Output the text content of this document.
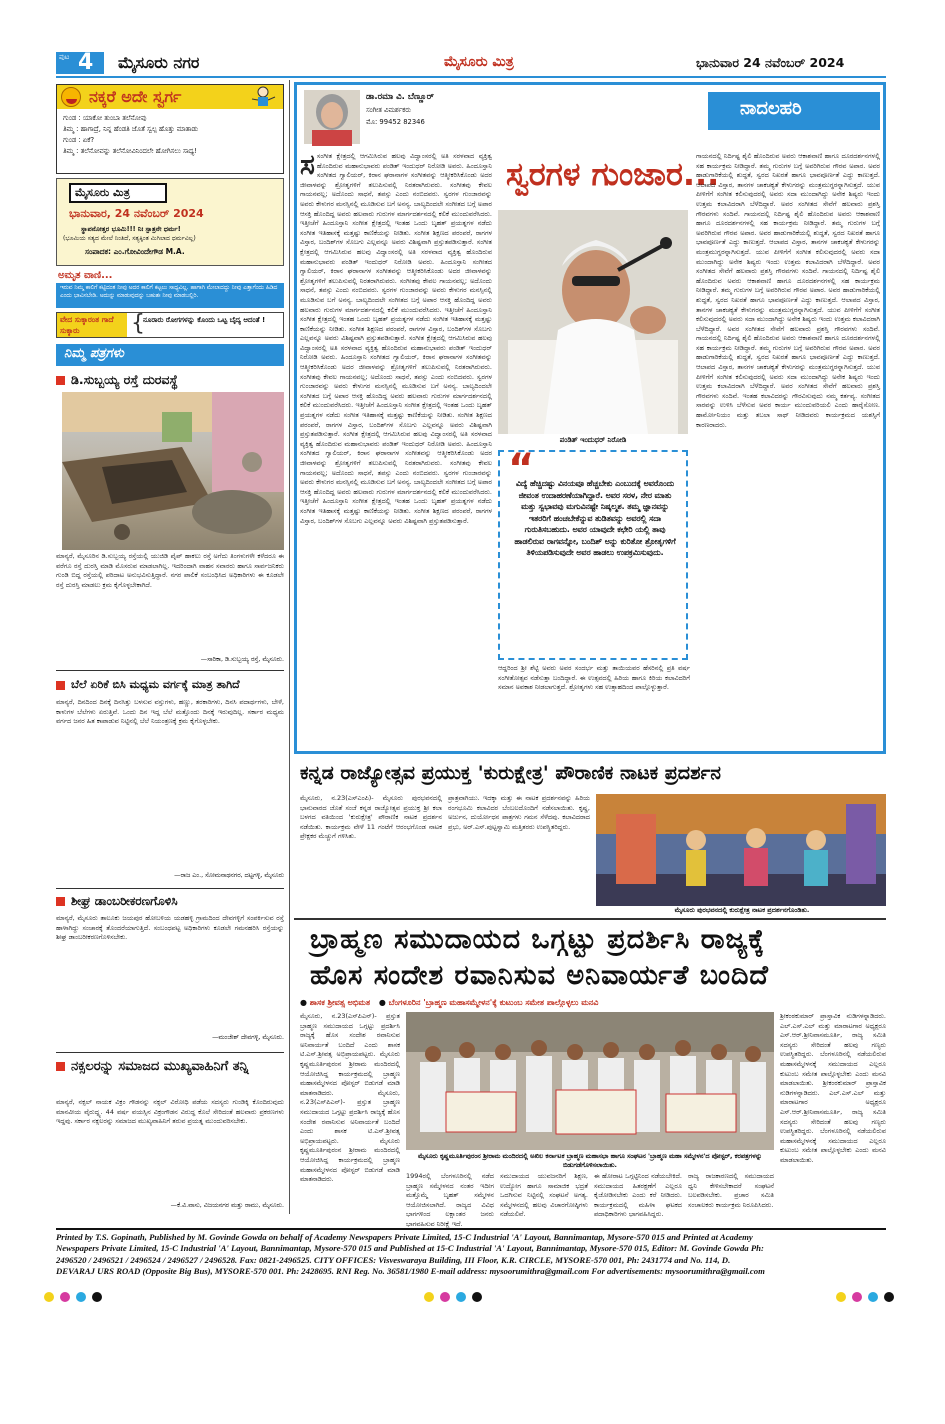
ಪುಟ 4 ಮೈಸೂರು ನಗರ	ಮೈಸೂರು ಮಿತ್ರ	ಭಾನುವಾರ 24 ನವೆಂಬರ್ 2024
ನಕ್ಕರೆ ಅದೇ ಸ್ವರ್ಗ
ಗುಂಡ : ಯಾಕೋ ತುಂಬಾ ತಲೆನೋವು
ತಿಮ್ಮ : ಹಾಗಾದ್ರೆ, ನಿನ್ನ ಹೆಂಡತಿ ಜೊತೆ ಸ್ವಲ್ಪ ಹೊತ್ತು ಮಾತಾಡು
ಗುಂಡ : ಏಕೆ?
ತಿಮ್ಮ : ತಲೆನೋವನ್ನು ತಲೆನೋವಿನಿಂದಲೇ ಹೋಗಿಸಲು ಸಾಧ್ಯ!
ಮೈಸೂರು ಮಿತ್ರ
ಭಾನುವಾರ, 24 ನವೆಂಬರ್ 2024
ಸ್ಥಾಪನೋತ್ತರ ಭೂಮಿ!!! ನಿಃ ಸ್ಪಾತ್ರನೇ ಧರ್ಮ!
(ಭೂಮಿಯ ಸತ್ಯದ ಮೇಲೆ ನಿಂತಿದೆ, ಸತ್ಯಕ್ಕಿಂತ ಮಿಗಿಲಾದ ಧರ್ಮವಿಲ್ಲ)
ಸಂಪಾದಕ: ಎಂ.ಗೋವಿಂದೇಗೌಡ M.A.
ಅಮೃತ ವಾಣಿ...
ಇರುವ ನಿಮ್ಮ ಕಾಲಿಗೆ ಕಟ್ಟಿದಂತ ನೀವು ಅದರ ಕಾಲಿಗೆ ಕಟ್ಟಲು ಸಾಧ್ಯವಿಲ್ಲ. ಹಾಗಾಗಿ ಮೇಲಾದದ್ದು ನೀವು ಎತ್ತಾಗೆಂದು ಹಿಡಿದ ಎಂದು ಭಾವಿಸಬೇಡಿ. ಅದುನ್ನು ಮಾಡುವುದನ್ನು ಬಹುಶಃ ನೀವು ಮಾಡಬಲ್ಲಿರಿ.
ವೇದ ಸುಕ್ಕಾರಂತ ಗಾದೆ ಸುಕ್ಕಾರು	{
ನೂರಾರು ರೋಗಗಳನ್ನು ಕೊಂದು ಒಟ್ಟ ಬೈದ್ಯ ಆದಂತೆ !
ನಿಮ್ಮ ಪತ್ರಗಳು
ಡಿ.ಸುಬ್ಬಯ್ಯ ರಸ್ತೆ ದುರವಸ್ಥೆ
ಮಾನ್ಯರೆ, ಮೈಸೂರಿನ ಡಿ.ಸುಬ್ಬಯ್ಯ ರಸ್ತೆಯಲ್ಲಿ ಯುಜಿಡಿ ಪೈಪ್ ಹಾಕಲು ರಸ್ತೆ ಅಗೆದು ತಿಂಗಳುಗಳೇ ಕಳೆದರೂ ಈ ವರೆಗೂ ರಸ್ತೆ ದುರಸ್ತಿ ಮಾಡಿ ಮೊಸರುವ ಮಾಡಲಾಗಿಲ್ಲ. ಇದರಿಂದಾಗಿ ವಾಹನ ಸವಾರರು ಹಾಗೂ ಸಾರ್ವಜನಿಕರು ಗುಂಡಿ ಬಿದ್ದ ರಸ್ತೆಯಲ್ಲಿ ಪರಿದಾಟ ಅನುಭವಿಸುತ್ತಿದ್ದಾರೆ. ನಗರ ಪಾಲಿಕೆ ಸಂಬಂಧಿಸಿದ ಅಧಿಕಾರಿಗಳು ಈ ಕೂಡಲೇ ರಸ್ತೆ ದುರಸ್ತಿ ಮಾಡಲು ಕ್ರಮ ಕೈಗೊಳ್ಳಬೇಕಾಗಿದೆ.
—ಸಾರಿಕಾ, ಡಿ.ಸುಬ್ಬಯ್ಯ ರಸ್ತೆ, ಮೈಸೂರು.
ಬೆಲೆ ಏರಿಕೆ ಬಿಸಿ ಮಧ್ಯಮ ವರ್ಗಕ್ಕೆ ಮಾತ್ರ ತಾಗಿದೆ
ಮಾನ್ಯರೆ, ದಿನದಿಂದ ದಿನಕ್ಕೆ ದಿನಸಿತ್ತು ಬಳಸುವ ವಸ್ತುಗಳು, ಹಣ್ಣು, ತರಕಾರಿಗಳು, ದಿನಸಿ ಪದಾರ್ಥಗಳು, ಬೇಳೆ, ಕಾಳುಗಳ ಬೆಲೆಗಳು ಏರುತ್ತಿವೆ. ಒಂದು ದಿನ ಇದ್ದ ಬೆಲೆ ಮತ್ತೊಂದು ದಿನಕ್ಕೆ ಇರುವುದಿಲ್ಲ. ಸರ್ಕಾರ ಮಧ್ಯಮ ವರ್ಗದ ಜನರ ಹಿತ ಕಾಪಾಡುವ ನಿಟ್ಟಿನಲ್ಲಿ ಬೆಲೆ ನಿಯಂತ್ರಣಕ್ಕೆ ಕ್ರಮ ಕೈಗೊಳ್ಳಬೇಕು.
—ರಾಜ ಎಂ., ಸೋಮನಾಥನಗರ, ದಟ್ಟಗಳ್ಳಿ, ಮೈಸೂರು
ಶೀಘ್ರ ಡಾಂಬರೀಕರಣಗೊಳಿಸಿ
ಮಾನ್ಯರೆ, ಮೈಸೂರು ತಾಲೂಕು ಜಯಪುರ ಹೋಬಳಿಯ ಯಡಹಳ್ಳಿ ಗ್ರಾಮದಿಂದ ದೇವಗಳ್ಳಿಗೆ ಸಂಪರ್ಕಿಸುವ ರಸ್ತೆ ಹಾಳಾಗಿದ್ದು ಸಂಚಾರಕ್ಕೆ ತೊಂದರೆಯಾಗುತ್ತಿದೆ. ಸಂಬಂಧಪಟ್ಟ ಅಧಿಕಾರಿಗಳು ಕೂಡಲೇ ಗಮನಹರಿಸಿ ರಸ್ತೆಯನ್ನು ಶೀಘ್ರ ಡಾಂಬರೀಕರಣಗೊಳಿಸಬೇಕು.
—ಮಂಜೇಶ್ ದೇವಗಳ್ಳಿ, ಮೈಸೂರು.
ನಕ್ಸಲರನ್ನು ಸಮಾಜದ ಮುಖ್ಯವಾಹಿನಿಗೆ ತನ್ನಿ
ಮಾನ್ಯರೆ, ನಕ್ಸಲ್ ನಾಯಕ ವಿಕ್ರಂ ಗೌಡನನ್ನು ನಕ್ಸಲ್ ವಿರೋಧಿ ಪಡೆಯ ಸದಸ್ಯರು ಗುಂಡಿಕ್ಕಿ ಕೊಂದಿರುವುದು ಮಾನವೀಯ ವೈರುದ್ಧ್ಯ. 44 ವರ್ಷ ವಯಸ್ಸಿನ ವಿಕ್ರಂಗೌಡನ ವಿರುದ್ಧ ಕೊಲೆ ಸೇರಿದಂತೆ ಹಲವಾರು ಪ್ರಕರಣಗಳು ಇದ್ದವು. ಸರ್ಕಾರ ನಕ್ಸಲರನ್ನು ಸಮಾಜದ ಮುಖ್ಯವಾಹಿನಿಗೆ ತರುವ ಪ್ರಯತ್ನ ಮುಂದುವರಿಸಬೇಕು.
—ಕೆ.ವಿ.ವಾಸು, ವಿಜಯನಗರ ಮತ್ತು ರಾಮು, ಮೈಸೂರು.
ಡಾ.ರಮಾ ವಿ. ಬೆಣ್ಣೂರ್
ಸಂಗೀತ ವಿಮರ್ಶಕರು
ಮೊ: 99452 82346
ನಾದಲಹರಿ
ಸಸಂಗೀತ ಕ್ಷೇತ್ರದಲ್ಲಿ ಆಗಮಿಸಿರುವ ಹಲವು ವಿದ್ವಾಂಸರಲ್ಲಿ ಅತಿ ಸರಳವಾದ ವ್ಯಕ್ತಿತ್ವ ಹೊಂದಿರುವ ಮಹಾನುಭಾವರು ಪಂಡಿತ್ ಇಂದುಧರ್ ನಿರೋಡಿ ಅವರು. ಹಿಂದೂಸ್ತಾನಿ ಸಂಗೀತದ ಗ್ವಾಲಿಯರ್, ಕಿರಾನ ಘರಾನಾಗಳ ಸಂಗೀತವನ್ನು ಆತ್ಮೀಕರಿಸಿಕೊಂಡು ಅದರ ಜೀವಾಳವನ್ನು ಶ್ರೋತೃಗಳಿಗೆ ತಲುಪಿಸುವಲ್ಲಿ ನಿರತರಾಗಿರುವರು. ಸಂಗೀತವು ಕೇವಲ ಗಾಯನವಲ್ಲ; ಅದೊಂದು ಸಾಧನೆ, ತಪಸ್ಸು ಎಂದು ನಂಬಿದವರು. ಸ್ವರಗಳ ಗುಂಜಾರವನ್ನು ಅವರು ಕೇಳುಗರ ಮನಸ್ಸಿನಲ್ಲಿ ಮೂಡಿಸುವ ಬಗೆ ಅನನ್ಯ. ಬಾಲ್ಯದಿಂದಲೇ ಸಂಗೀತದ ಬಗ್ಗೆ ಅಪಾರ ಆಸಕ್ತಿ ಹೊಂದಿದ್ದ ಅವರು ಹಲವಾರು ಗುರುಗಳ ಮಾರ್ಗದರ್ಶನದಲ್ಲಿ ಕಲಿಕೆ ಮುಂದುವರೆಸಿದರು. ಇತ್ತೀಚೆಗೆ ಹಿಂದೂಸ್ತಾನಿ ಸಂಗೀತ ಕ್ಷೇತ್ರದಲ್ಲಿ ಇಂತಹ ಒಂದು ಬೃಹತ್ ಪ್ರಯತ್ನಗಳ ನಡೆದು ಸಂಗೀತ ಇತಿಹಾಸಕ್ಕೆ ಮತ್ತಷ್ಟು ಕಾಣಿಕೆಯನ್ನು ನೀಡಿತು. ಸಂಗೀತ ಶಿಕ್ಷಣದ ಪರಂಪರೆ, ರಾಗಗಳ ವಿಸ್ತಾರ, ಬಂದಿಶ್‌ಗಳ ಸೊಬಗು ಎಲ್ಲವನ್ನೂ ಅವರು ವಿಶಿಷ್ಟವಾಗಿ ಪ್ರಸ್ತುತಪಡಿಸುತ್ತಾರೆ. ಸಂಗೀತ ಕ್ಷೇತ್ರದಲ್ಲಿ ಆಗಮಿಸಿರುವ ಹಲವು ವಿದ್ವಾಂಸರಲ್ಲಿ ಅತಿ ಸರಳವಾದ ವ್ಯಕ್ತಿತ್ವ ಹೊಂದಿರುವ ಮಹಾನುಭಾವರು ಪಂಡಿತ್ ಇಂದುಧರ್ ನಿರೋಡಿ ಅವರು. ಹಿಂದೂಸ್ತಾನಿ ಸಂಗೀತದ ಗ್ವಾಲಿಯರ್, ಕಿರಾನ ಘರಾನಾಗಳ ಸಂಗೀತವನ್ನು ಆತ್ಮೀಕರಿಸಿಕೊಂಡು ಅದರ ಜೀವಾಳವನ್ನು ಶ್ರೋತೃಗಳಿಗೆ ತಲುಪಿಸುವಲ್ಲಿ ನಿರತರಾಗಿರುವರು. ಸಂಗೀತವು ಕೇವಲ ಗಾಯನವಲ್ಲ; ಅದೊಂದು ಸಾಧನೆ, ತಪಸ್ಸು ಎಂದು ನಂಬಿದವರು. ಸ್ವರಗಳ ಗುಂಜಾರವನ್ನು ಅವರು ಕೇಳುಗರ ಮನಸ್ಸಿನಲ್ಲಿ ಮೂಡಿಸುವ ಬಗೆ ಅನನ್ಯ. ಬಾಲ್ಯದಿಂದಲೇ ಸಂಗೀತದ ಬಗ್ಗೆ ಅಪಾರ ಆಸಕ್ತಿ ಹೊಂದಿದ್ದ ಅವರು ಹಲವಾರು ಗುರುಗಳ ಮಾರ್ಗದರ್ಶನದಲ್ಲಿ ಕಲಿಕೆ ಮುಂದುವರೆಸಿದರು. ಇತ್ತೀಚೆಗೆ ಹಿಂದೂಸ್ತಾನಿ ಸಂಗೀತ ಕ್ಷೇತ್ರದಲ್ಲಿ ಇಂತಹ ಒಂದು ಬೃಹತ್ ಪ್ರಯತ್ನಗಳ ನಡೆದು ಸಂಗೀತ ಇತಿಹಾಸಕ್ಕೆ ಮತ್ತಷ್ಟು ಕಾಣಿಕೆಯನ್ನು ನೀಡಿತು. ಸಂಗೀತ ಶಿಕ್ಷಣದ ಪರಂಪರೆ, ರಾಗಗಳ ವಿಸ್ತಾರ, ಬಂದಿಶ್‌ಗಳ ಸೊಬಗು ಎಲ್ಲವನ್ನೂ ಅವರು ವಿಶಿಷ್ಟವಾಗಿ ಪ್ರಸ್ತುತಪಡಿಸುತ್ತಾರೆ. ಸಂಗೀತ ಕ್ಷೇತ್ರದಲ್ಲಿ ಆಗಮಿಸಿರುವ ಹಲವು ವಿದ್ವಾಂಸರಲ್ಲಿ ಅತಿ ಸರಳವಾದ ವ್ಯಕ್ತಿತ್ವ ಹೊಂದಿರುವ ಮಹಾನುಭಾವರು ಪಂಡಿತ್ ಇಂದುಧರ್ ನಿರೋಡಿ ಅವರು. ಹಿಂದೂಸ್ತಾನಿ ಸಂಗೀತದ ಗ್ವಾಲಿಯರ್, ಕಿರಾನ ಘರಾನಾಗಳ ಸಂಗೀತವನ್ನು ಆತ್ಮೀಕರಿಸಿಕೊಂಡು ಅದರ ಜೀವಾಳವನ್ನು ಶ್ರೋತೃಗಳಿಗೆ ತಲುಪಿಸುವಲ್ಲಿ ನಿರತರಾಗಿರುವರು. ಸಂಗೀತವು ಕೇವಲ ಗಾಯನವಲ್ಲ; ಅದೊಂದು ಸಾಧನೆ, ತಪಸ್ಸು ಎಂದು ನಂಬಿದವರು. ಸ್ವರಗಳ ಗುಂಜಾರವನ್ನು ಅವರು ಕೇಳುಗರ ಮನಸ್ಸಿನಲ್ಲಿ ಮೂಡಿಸುವ ಬಗೆ ಅನನ್ಯ. ಬಾಲ್ಯದಿಂದಲೇ ಸಂಗೀತದ ಬಗ್ಗೆ ಅಪಾರ ಆಸಕ್ತಿ ಹೊಂದಿದ್ದ ಅವರು ಹಲವಾರು ಗುರುಗಳ ಮಾರ್ಗದರ್ಶನದಲ್ಲಿ ಕಲಿಕೆ ಮುಂದುವರೆಸಿದರು. ಇತ್ತೀಚೆಗೆ ಹಿಂದೂಸ್ತಾನಿ ಸಂಗೀತ ಕ್ಷೇತ್ರದಲ್ಲಿ ಇಂತಹ ಒಂದು ಬೃಹತ್ ಪ್ರಯತ್ನಗಳ ನಡೆದು ಸಂಗೀತ ಇತಿಹಾಸಕ್ಕೆ ಮತ್ತಷ್ಟು ಕಾಣಿಕೆಯನ್ನು ನೀಡಿತು. ಸಂಗೀತ ಶಿಕ್ಷಣದ ಪರಂಪರೆ, ರಾಗಗಳ ವಿಸ್ತಾರ, ಬಂದಿಶ್‌ಗಳ ಸೊಬಗು ಎಲ್ಲವನ್ನೂ ಅವರು ವಿಶಿಷ್ಟವಾಗಿ ಪ್ರಸ್ತುತಪಡಿಸುತ್ತಾರೆ. ಸಂಗೀತ ಕ್ಷೇತ್ರದಲ್ಲಿ ಆಗಮಿಸಿರುವ ಹಲವು ವಿದ್ವಾಂಸರಲ್ಲಿ ಅತಿ ಸರಳವಾದ ವ್ಯಕ್ತಿತ್ವ ಹೊಂದಿರುವ ಮಹಾನುಭಾವರು ಪಂಡಿತ್ ಇಂದುಧರ್ ನಿರೋಡಿ ಅವರು. ಹಿಂದೂಸ್ತಾನಿ ಸಂಗೀತದ ಗ್ವಾಲಿಯರ್, ಕಿರಾನ ಘರಾನಾಗಳ ಸಂಗೀತವನ್ನು ಆತ್ಮೀಕರಿಸಿಕೊಂಡು ಅದರ ಜೀವಾಳವನ್ನು ಶ್ರೋತೃಗಳಿಗೆ ತಲುಪಿಸುವಲ್ಲಿ ನಿರತರಾಗಿರುವರು. ಸಂಗೀತವು ಕೇವಲ ಗಾಯನವಲ್ಲ; ಅದೊಂದು ಸಾಧನೆ, ತಪಸ್ಸು ಎಂದು ನಂಬಿದವರು. ಸ್ವರಗಳ ಗುಂಜಾರವನ್ನು ಅವರು ಕೇಳುಗರ ಮನಸ್ಸಿನಲ್ಲಿ ಮೂಡಿಸುವ ಬಗೆ ಅನನ್ಯ. ಬಾಲ್ಯದಿಂದಲೇ ಸಂಗೀತದ ಬಗ್ಗೆ ಅಪಾರ ಆಸಕ್ತಿ ಹೊಂದಿದ್ದ ಅವರು ಹಲವಾರು ಗುರುಗಳ ಮಾರ್ಗದರ್ಶನದಲ್ಲಿ ಕಲಿಕೆ ಮುಂದುವರೆಸಿದರು. ಇತ್ತೀಚೆಗೆ ಹಿಂದೂಸ್ತಾನಿ ಸಂಗೀತ ಕ್ಷೇತ್ರದಲ್ಲಿ ಇಂತಹ ಒಂದು ಬೃಹತ್ ಪ್ರಯತ್ನಗಳ ನಡೆದು ಸಂಗೀತ ಇತಿಹಾಸಕ್ಕೆ ಮತ್ತಷ್ಟು ಕಾಣಿಕೆಯನ್ನು ನೀಡಿತು. ಸಂಗೀತ ಶಿಕ್ಷಣದ ಪರಂಪರೆ, ರಾಗಗಳ ವಿಸ್ತಾರ, ಬಂದಿಶ್‌ಗಳ ಸೊಬಗು ಎಲ್ಲವನ್ನೂ ಅವರು ವಿಶಿಷ್ಟವಾಗಿ ಪ್ರಸ್ತುತಪಡಿಸುತ್ತಾರೆ.
ಸ್ವರಗಳ ಗುಂಜಾರ...
ಪಂಡಿತ್ ಇಂದುಧರ್ ನಿರೋಡಿ
“
ವಿದ್ಯೆ ಹೆಚ್ಚಿದಷ್ಟು ವಿನಯವೂ ಹೆಚ್ಚಬೇಕು ಎಂಬುದಕ್ಕೆ ಅವರೊಂದು ಜೀವಂತ ಉದಾಹರಣೆಯಾಗಿದ್ದಾರೆ. ಅವರ ಸರಳ, ನೇರ ಮಾತು ಮತ್ತು ಸ್ವಭಾವವು ಮಗುವಿನಷ್ಟೇ ನಿಷ್ಕಲ್ಮಶ. ತಮ್ಮ ಜ್ಞಾನವನ್ನು ಇತರರಿಗೆ ಹಂಚಬೇಕೆನ್ನುವ ತುಡಿತವನ್ನು ಅವರಲ್ಲಿ ಸದಾ ಗುರುತಿಸಬಹುದು. ಅವರ ಯಾವುದೇ ಕಛೇರಿ ಯಲ್ಲಿ ತಾವು ಹಾಡಲಿರುವ ರಾಗವನ್ನೋ, ಬಂದಿಶ್ ಅನ್ನು ಕುರಿತೋ ಶ್ರೋತೃಗಳಿಗೆ ತಿಳಿಯಪಡಿಸುವುದೇ ಅವರ ಹಾಡಲು ಉಪಕ್ರಮಿಸುವುದು.
ಗಾಯನದಲ್ಲಿ ನಿರ್ದಿಷ್ಟ ಶೈಲಿ ಹೊಂದಿರುವ ಅವರು ಆಕಾಶವಾಣಿ ಹಾಗೂ ದೂರದರ್ಶನಗಳಲ್ಲಿ ಸಹ ಕಾರ್ಯಕ್ರಮ ನೀಡಿದ್ದಾರೆ. ತಮ್ಮ ಗುರುಗಳ ಬಗ್ಗೆ ಅವರಿಗಿರುವ ಗೌರವ ಅಪಾರ. ಅವರ ಹಾಡುಗಾರಿಕೆಯಲ್ಲಿ ಶುದ್ಧತೆ, ಸ್ವರದ ನಿಖರತೆ ಹಾಗೂ ಭಾವಪೂರ್ಣತೆ ಎದ್ದು ಕಾಣುತ್ತದೆ. ಆಲಾಪದ ವಿಸ್ತಾರ, ತಾನಗಳ ಚಾಕಚಕ್ಯತೆ ಕೇಳುಗರನ್ನು ಮಂತ್ರಮುಗ್ಧರನ್ನಾಗಿಸುತ್ತದೆ. ಯುವ ಪೀಳಿಗೆಗೆ ಸಂಗೀತ ಕಲಿಸುವುದರಲ್ಲಿ ಅವರು ಸದಾ ಮುಂದಾಗಿದ್ದು ಅನೇಕ ಶಿಷ್ಯರು ಇಂದು ಉತ್ತಮ ಕಲಾವಿದರಾಗಿ ಬೆಳೆದಿದ್ದಾರೆ. ಅವರ ಸಂಗೀತದ ಸೇವೆಗೆ ಹಲವಾರು ಪ್ರಶಸ್ತಿ ಗೌರವಗಳು ಸಂದಿವೆ. ಗಾಯನದಲ್ಲಿ ನಿರ್ದಿಷ್ಟ ಶೈಲಿ ಹೊಂದಿರುವ ಅವರು ಆಕಾಶವಾಣಿ ಹಾಗೂ ದೂರದರ್ಶನಗಳಲ್ಲಿ ಸಹ ಕಾರ್ಯಕ್ರಮ ನೀಡಿದ್ದಾರೆ. ತಮ್ಮ ಗುರುಗಳ ಬಗ್ಗೆ ಅವರಿಗಿರುವ ಗೌರವ ಅಪಾರ. ಅವರ ಹಾಡುಗಾರಿಕೆಯಲ್ಲಿ ಶುದ್ಧತೆ, ಸ್ವರದ ನಿಖರತೆ ಹಾಗೂ ಭಾವಪೂರ್ಣತೆ ಎದ್ದು ಕಾಣುತ್ತದೆ. ಆಲಾಪದ ವಿಸ್ತಾರ, ತಾನಗಳ ಚಾಕಚಕ್ಯತೆ ಕೇಳುಗರನ್ನು ಮಂತ್ರಮುಗ್ಧರನ್ನಾಗಿಸುತ್ತದೆ. ಯುವ ಪೀಳಿಗೆಗೆ ಸಂಗೀತ ಕಲಿಸುವುದರಲ್ಲಿ ಅವರು ಸದಾ ಮುಂದಾಗಿದ್ದು ಅನೇಕ ಶಿಷ್ಯರು ಇಂದು ಉತ್ತಮ ಕಲಾವಿದರಾಗಿ ಬೆಳೆದಿದ್ದಾರೆ. ಅವರ ಸಂಗೀತದ ಸೇವೆಗೆ ಹಲವಾರು ಪ್ರಶಸ್ತಿ ಗೌರವಗಳು ಸಂದಿವೆ. ಗಾಯನದಲ್ಲಿ ನಿರ್ದಿಷ್ಟ ಶೈಲಿ ಹೊಂದಿರುವ ಅವರು ಆಕಾಶವಾಣಿ ಹಾಗೂ ದೂರದರ್ಶನಗಳಲ್ಲಿ ಸಹ ಕಾರ್ಯಕ್ರಮ ನೀಡಿದ್ದಾರೆ. ತಮ್ಮ ಗುರುಗಳ ಬಗ್ಗೆ ಅವರಿಗಿರುವ ಗೌರವ ಅಪಾರ. ಅವರ ಹಾಡುಗಾರಿಕೆಯಲ್ಲಿ ಶುದ್ಧತೆ, ಸ್ವರದ ನಿಖರತೆ ಹಾಗೂ ಭಾವಪೂರ್ಣತೆ ಎದ್ದು ಕಾಣುತ್ತದೆ. ಆಲಾಪದ ವಿಸ್ತಾರ, ತಾನಗಳ ಚಾಕಚಕ್ಯತೆ ಕೇಳುಗರನ್ನು ಮಂತ್ರಮುಗ್ಧರನ್ನಾಗಿಸುತ್ತದೆ. ಯುವ ಪೀಳಿಗೆಗೆ ಸಂಗೀತ ಕಲಿಸುವುದರಲ್ಲಿ ಅವರು ಸದಾ ಮುಂದಾಗಿದ್ದು ಅನೇಕ ಶಿಷ್ಯರು ಇಂದು ಉತ್ತಮ ಕಲಾವಿದರಾಗಿ ಬೆಳೆದಿದ್ದಾರೆ. ಅವರ ಸಂಗೀತದ ಸೇವೆಗೆ ಹಲವಾರು ಪ್ರಶಸ್ತಿ ಗೌರವಗಳು ಸಂದಿವೆ. ಗಾಯನದಲ್ಲಿ ನಿರ್ದಿಷ್ಟ ಶೈಲಿ ಹೊಂದಿರುವ ಅವರು ಆಕಾಶವಾಣಿ ಹಾಗೂ ದೂರದರ್ಶನಗಳಲ್ಲಿ ಸಹ ಕಾರ್ಯಕ್ರಮ ನೀಡಿದ್ದಾರೆ. ತಮ್ಮ ಗುರುಗಳ ಬಗ್ಗೆ ಅವರಿಗಿರುವ ಗೌರವ ಅಪಾರ. ಅವರ ಹಾಡುಗಾರಿಕೆಯಲ್ಲಿ ಶುದ್ಧತೆ, ಸ್ವರದ ನಿಖರತೆ ಹಾಗೂ ಭಾವಪೂರ್ಣತೆ ಎದ್ದು ಕಾಣುತ್ತದೆ. ಆಲಾಪದ ವಿಸ್ತಾರ, ತಾನಗಳ ಚಾಕಚಕ್ಯತೆ ಕೇಳುಗರನ್ನು ಮಂತ್ರಮುಗ್ಧರನ್ನಾಗಿಸುತ್ತದೆ. ಯುವ ಪೀಳಿಗೆಗೆ ಸಂಗೀತ ಕಲಿಸುವುದರಲ್ಲಿ ಅವರು ಸದಾ ಮುಂದಾಗಿದ್ದು ಅನೇಕ ಶಿಷ್ಯರು ಇಂದು ಉತ್ತಮ ಕಲಾವಿದರಾಗಿ ಬೆಳೆದಿದ್ದಾರೆ. ಅವರ ಸಂಗೀತದ ಸೇವೆಗೆ ಹಲವಾರು ಪ್ರಶಸ್ತಿ ಗೌರವಗಳು ಸಂದಿವೆ. ಇಂತಹ ಕಲಾವಿದರನ್ನು ಗೌರವಿಸುವುದು ನಮ್ಮ ಕರ್ತವ್ಯ. ಸಂಗೀತದ ಸಾರವನ್ನು ಉಳಿಸಿ ಬೆಳೆಸುವ ಅವರ ಕಾರ್ಯ ಮುಂದುವರಿಯಲಿ ಎಂದು ಹಾರೈಸೋಣ. ಹಾರ್ಮೋನಿಯಂ ಮತ್ತು ತಬಲಾ ಸಾಥ್ ನೀಡಿದವರು ಕಾರ್ಯಕ್ರಮದ ಯಶಸ್ಸಿಗೆ ಕಾರಣರಾದರು.
ಆದ್ದರಿಂದ ಶ್ರೀ ಶೆಟ್ಟಿ ಅವರು ಅವರ ಸಂದರ್ಭ ಮತ್ತು ತಾಯಿಯವರ ಹೆಸರಿನಲ್ಲಿ ಪ್ರತಿ ವರ್ಷ ಸಂಗೀತೋತ್ಸವ ನಡೆಸುತ್ತಾ ಬಂದಿದ್ದಾರೆ. ಈ ಉತ್ಸವದಲ್ಲಿ ಹಿರಿಯ ಹಾಗೂ ಕಿರಿಯ ಕಲಾವಿದರಿಗೆ ಸಮಾನ ಅವಕಾಶ ನೀಡಲಾಗುತ್ತದೆ. ಶ್ರೋತೃಗಳು ಸಹ ಉತ್ಸಾಹದಿಂದ ಪಾಲ್ಗೊಳ್ಳುತ್ತಾರೆ.
ಕನ್ನಡ ರಾಜ್ಯೋತ್ಸವ ಪ್ರಯುಕ್ತ 'ಕುರುಕ್ಷೇತ್ರ' ಪೌರಾಣಿಕ ನಾಟಕ ಪ್ರದರ್ಶನ
ಮೈಸೂರು, ನ.23(ಎಸ್‌ಎಂಪಿ)- ಮೈಸೂರು ಪುರಭವನದಲ್ಲಿ ಭಾನುವಾರದ ಜೊತೆ ಸಂಜೆ ಕನ್ನಡ ರಾಜ್ಯೋತ್ಸವ ಪ್ರಯುಕ್ತ ಶ್ರೀ ಕಲಾ ಬಳಗದ ವತಿಯಿಂದ 'ಕುರುಕ್ಷೇತ್ರ' ಪೌರಾಣಿಕ ನಾಟಕ ಪ್ರದರ್ಶನ ನಡೆಯಿತು. ಕಾರ್ಯಕ್ರಮ ವೇಳೆ 11 ಗಂಟೆಗೆ ಆರಂಭಗೊಂಡ ನಾಟಕ ಪ್ರೇಕ್ಷಕರ ಮೆಚ್ಚುಗೆ ಗಳಿಸಿತು.
ಪ್ರಾತ್ರವಾಗಿಯು. ಇದಕ್ಕಾ ಮತ್ತು ಈ ನಾಟಕ ಪ್ರದರ್ಶನವನ್ನು ಹಿರಿಯ ರಂಗಭೂಮಿ ಕಲಾವಿದರ ಬೆಂಬಲದೊಂದಿಗೆ ನಡೆಸಲಾಯಿತು. ಕೃಷ್ಣ, ಅರ್ಜುನ, ದುರ್ಯೋಧನ ಪಾತ್ರಗಳು ಗಮನ ಸೆಳೆದವು. ಕಲಾವಿದರಾದ ಪ್ರಭು, ಅರ್.ಎಸ್.ಪುಟ್ಟಸ್ವಾಮಿ ಮತ್ತಿತರರು ಉಪಸ್ಥಿತರಿದ್ದರು.
ಮೈಸೂರು ಪುರಭವನದಲ್ಲಿ ಕುರುಕ್ಷೇತ್ರ ನಾಟಕ ಪ್ರದರ್ಶನಗೊಂಡಿತು.
ಬ್ರಾಹ್ಮಣ ಸಮುದಾಯದ ಒಗ್ಗಟ್ಟು ಪ್ರದರ್ಶಿಸಿ ರಾಜ್ಯಕ್ಕೆ
ಹೊಸ ಸಂದೇಶ ರವಾನಿಸುವ ಅನಿವಾರ್ಯತೆ ಬಂದಿದೆ
● ಶಾಸಕ ಶ್ರೀವತ್ಸ ಅಭಿಮತ ● ಬೆಂಗಳೂರಿನ 'ಬ್ರಾಹ್ಮಣ ಮಹಾಸಮ್ಮೇಳನ'ಕ್ಕೆ ಕುಟುಂಬ ಸಮೇತ ಪಾಲ್ಗೊಳ್ಳಲು ಮನವಿ
ಮೈಸೂರು, ನ.23(ಎಸ್‌ಪಿಎನ್)- ಪ್ರಸ್ತುತ ಬ್ರಾಹ್ಮಣ ಸಮುದಾಯದ ಒಗ್ಗಟ್ಟು ಪ್ರದರ್ಶಿಸಿ ರಾಜ್ಯಕ್ಕೆ ಹೊಸ ಸಂದೇಶ ರವಾನಿಸುವ ಅನಿವಾರ್ಯತೆ ಬಂದಿದೆ ಎಂದು ಶಾಸಕ ಟಿ.ಎಸ್.ಶ್ರೀವತ್ಸ ಅಭಿಪ್ರಾಯಪಟ್ಟರು. ಮೈಸೂರು ಕೃಷ್ಣಮೂರ್ತಿಪುರಂನ ಶ್ರೀರಾಮ ಮಂದಿರದಲ್ಲಿ ಆಯೋಜಿಸಿದ್ದ ಕಾರ್ಯಕ್ರಮದಲ್ಲಿ ಬ್ರಾಹ್ಮಣ ಮಹಾಸಮ್ಮೇಳನದ ಪೋಸ್ಟರ್ ಬಿಡುಗಡೆ ಮಾಡಿ ಮಾತನಾಡಿದರು.	ಮೈಸೂರು, ನ.23(ಎಸ್‌ಪಿಎನ್)- ಪ್ರಸ್ತುತ ಬ್ರಾಹ್ಮಣ ಸಮುದಾಯದ ಒಗ್ಗಟ್ಟು ಪ್ರದರ್ಶಿಸಿ ರಾಜ್ಯಕ್ಕೆ ಹೊಸ ಸಂದೇಶ ರವಾನಿಸುವ ಅನಿವಾರ್ಯತೆ ಬಂದಿದೆ ಎಂದು ಶಾಸಕ ಟಿ.ಎಸ್.ಶ್ರೀವತ್ಸ ಅಭಿಪ್ರಾಯಪಟ್ಟರು. ಮೈಸೂರು ಕೃಷ್ಣಮೂರ್ತಿಪುರಂನ ಶ್ರೀರಾಮ ಮಂದಿರದಲ್ಲಿ ಆಯೋಜಿಸಿದ್ದ ಕಾರ್ಯಕ್ರಮದಲ್ಲಿ ಬ್ರಾಹ್ಮಣ ಮಹಾಸಮ್ಮೇಳನದ ಪೋಸ್ಟರ್ ಬಿಡುಗಡೆ ಮಾಡಿ ಮಾತನಾಡಿದರು.
ಮೈಸೂರು ಕೃಷ್ಣಮೂರ್ತಿಪುರಂನ ಶ್ರೀರಾಮ ಮಂದಿರದಲ್ಲಿ ಅಖಿಲ ಕರ್ನಾಟಕ ಬ್ರಾಹ್ಮಣ ಮಹಾಸಭಾ ಹಾಗೂ ಸಂಘಟನ 'ಬ್ರಾಹ್ಮಣ ಮಹಾ ಸಮ್ಮೇಳನ'ದ ಪೋಸ್ಟರ್, ಕರಪತ್ರಗಳನ್ನು ಬಿಡುಗಡೆಗೊಳಿಸಲಾಯಿತು.
ಶ್ರೀಕಂಠಕುಮಾರ್ ಪ್ರಾಸ್ತಾವಿಕ ನುಡಿಗಳನ್ನಾಡಿದರು. ಎಲ್.ಎಸ್.ಎಲ್ ಮತ್ತು ಮಾರಾಟಗಾರ ಅಧ್ಯಕ್ಷರೂ ಎಸ್.ಆರ್.ಶ್ರೀನಿವಾಸಮೂರ್ತಿ, ರಾಜ್ಯ ಸಮಿತಿ ಸದಸ್ಯರು ಸೇರಿದಂತೆ ಹಲವು ಗಣ್ಯರು ಉಪಸ್ಥಿತರಿದ್ದರು. ಬೆಂಗಳೂರಿನಲ್ಲಿ ನಡೆಯಲಿರುವ ಮಹಾಸಮ್ಮೇಳನಕ್ಕೆ ಸಮುದಾಯದ ಎಲ್ಲರೂ ಕುಟುಂಬ ಸಮೇತ ಪಾಲ್ಗೊಳ್ಳಬೇಕು ಎಂದು ಮನವಿ ಮಾಡಲಾಯಿತು. ಶ್ರೀಕಂಠಕುಮಾರ್ ಪ್ರಾಸ್ತಾವಿಕ ನುಡಿಗಳನ್ನಾಡಿದರು. ಎಲ್.ಎಸ್.ಎಲ್ ಮತ್ತು ಮಾರಾಟಗಾರ ಅಧ್ಯಕ್ಷರೂ ಎಸ್.ಆರ್.ಶ್ರೀನಿವಾಸಮೂರ್ತಿ, ರಾಜ್ಯ ಸಮಿತಿ ಸದಸ್ಯರು ಸೇರಿದಂತೆ ಹಲವು ಗಣ್ಯರು ಉಪಸ್ಥಿತರಿದ್ದರು. ಬೆಂಗಳೂರಿನಲ್ಲಿ ನಡೆಯಲಿರುವ ಮಹಾಸಮ್ಮೇಳನಕ್ಕೆ ಸಮುದಾಯದ ಎಲ್ಲರೂ ಕುಟುಂಬ ಸಮೇತ ಪಾಲ್ಗೊಳ್ಳಬೇಕು ಎಂದು ಮನವಿ ಮಾಡಲಾಯಿತು.
1994ರಲ್ಲಿ ಬೆಂಗಳೂರಿನಲ್ಲಿ ನಡೆದ ಬ್ರಾಹ್ಮಣ ಸಮ್ಮೇಳನದ ನಂತರ ಇದೀಗ ಮತ್ತೊಮ್ಮೆ ಬೃಹತ್ ಸಮ್ಮೇಳನ ಆಯೋಜಿಸಲಾಗಿದೆ. ರಾಜ್ಯದ ವಿವಿಧ ಭಾಗಗಳಿಂದ ಲಕ್ಷಾಂತರ ಜನರು ಭಾಗವಹಿಸುವ ನಿರೀಕ್ಷೆ ಇದೆ.
ಸಮುದಾಯದ ಯುವಜನರಿಗೆ ಶಿಕ್ಷಣ, ಉದ್ಯೋಗ ಹಾಗೂ ಸಾಮಾಜಿಕ ಭದ್ರತೆ ಒದಗಿಸುವ ನಿಟ್ಟಿನಲ್ಲಿ ಸಂಘಟನೆ ಅಗತ್ಯ. ಸಮ್ಮೇಳನದಲ್ಲಿ ಹಲವು ವಿಚಾರಗೋಷ್ಠಿಗಳು ನಡೆಯಲಿವೆ.
ಈ ಹೋರಾಟ ಒಗ್ಗಟ್ಟಿನಿಂದ ನಡೆಯಬೇಕಿದೆ. ಸಮುದಾಯದ ಹಿತರಕ್ಷಣೆಗೆ ಎಲ್ಲರೂ ಕೈಜೋಡಿಸಬೇಕು ಎಂದು ಕರೆ ನೀಡಿದರು. ಕಾರ್ಯಕ್ರಮದಲ್ಲಿ ಮಹಿಳಾ ಘಟಕದ ಪದಾಧಿಕಾರಿಗಳು ಭಾಗವಹಿಸಿದ್ದರು.
ರಾಜ್ಯ ರಾಜಕಾರಣದಲ್ಲಿ ಸಮುದಾಯದ ಧ್ವನಿ ಕೇಳಿಸಬೇಕಾದರೆ ಸಂಘಟನೆ ಬಲಪಡಿಸಬೇಕು. ಪ್ರಚಾರ ಸಮಿತಿ ಸಂಚಾಲಕರು ಕಾರ್ಯಕ್ರಮ ನಿರೂಪಿಸಿದರು.
Printed by T.S. Gopinath, Published by M. Govinde Gowda on behalf of Academy Newspapers Private Limited, 15-C Industrial 'A' Layout, Bannimantap, Mysore-570 015 and Printed at Academy
Newspapers Private Limited, 15-C Industrial 'A' Layout, Bannimantap, Mysore-570 015 and Published at 15-C Industrial 'A' Layout, Bannimantap, Mysore-570 015, Editor: M. Govinde Gowda Ph:
2496520 / 2496521 / 2496524 / 2496527 / 2496528. Fax: 0821-2496525. CITY OFFICES: Visveswaraya Building, III Floor, K.R. CIRCLE, MYSORE-570 001, Ph: 2431774 and No. 114, D.
DEVARAJ URS ROAD (Opposite Big Bus), MYSORE-570 001. Ph: 2428695. RNI Reg. No. 36581/1980 E-mail address: mysoorumithra@gmail.com For advertisements: mysoorumithra@gmail.com
